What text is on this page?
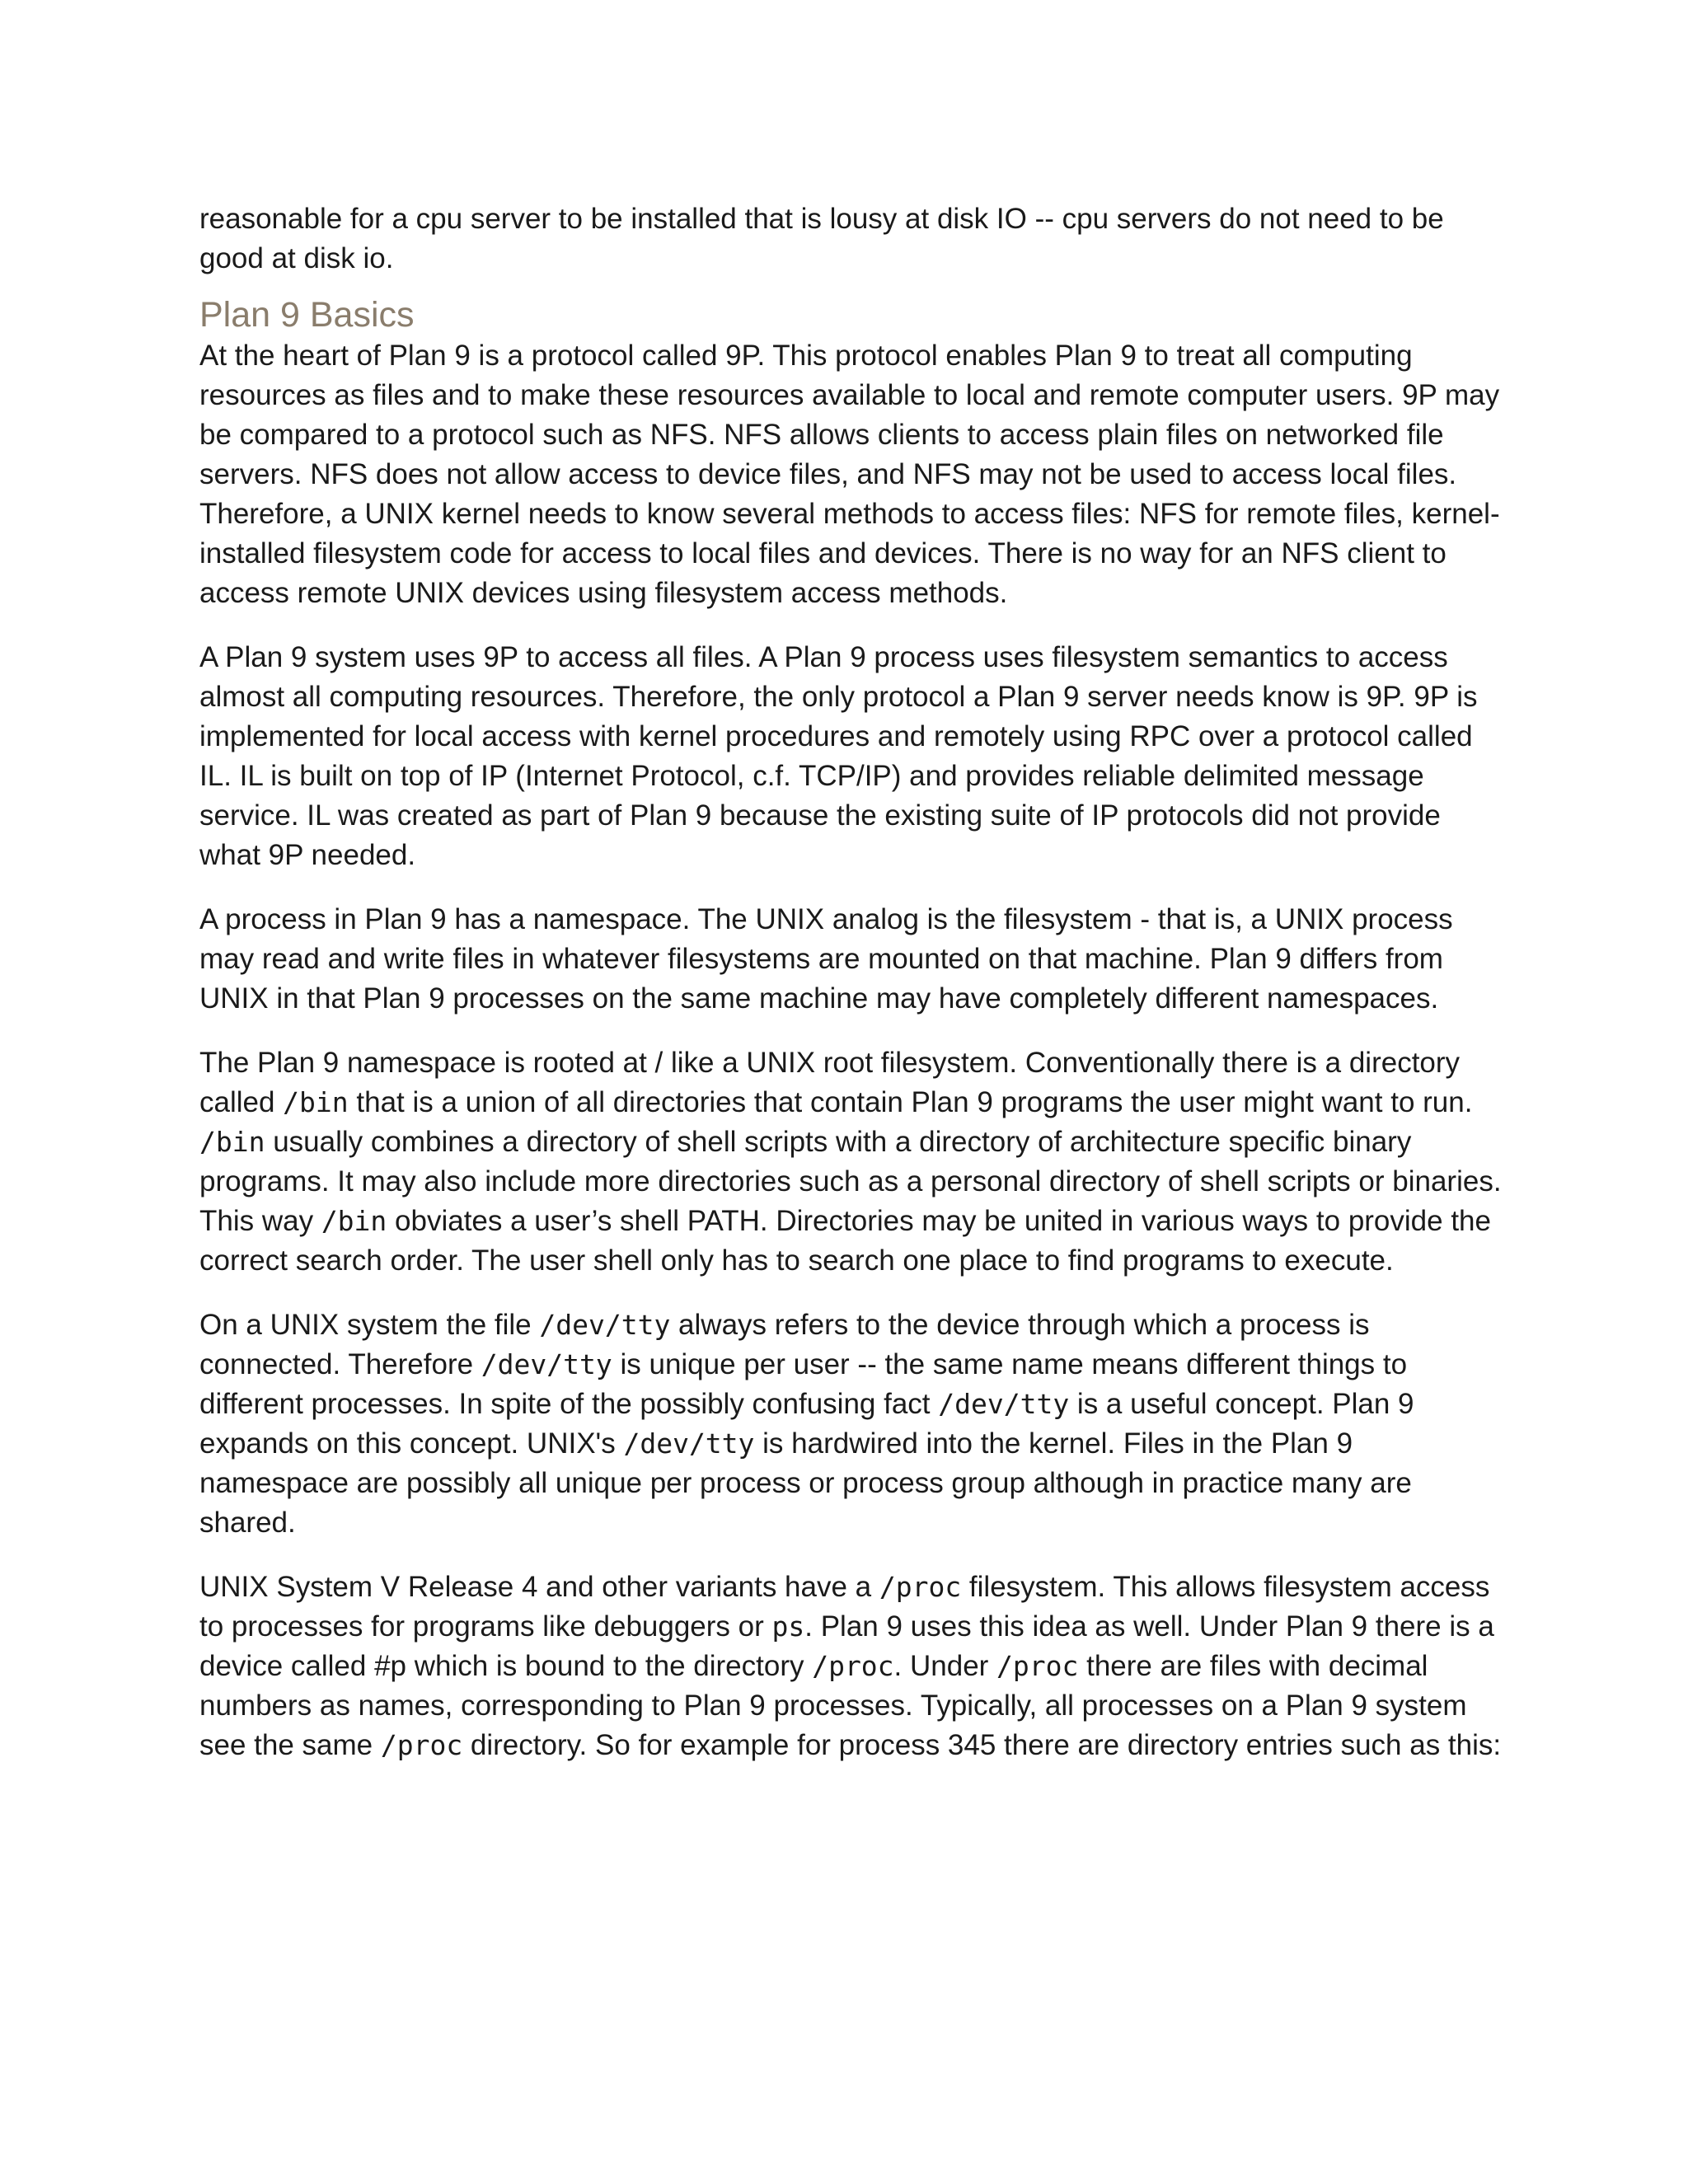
reasonable for a cpu server to be installed that is lousy at disk IO -- cpu servers do not need to be good at disk io.

Plan 9 Basics

At the heart of Plan 9 is a protocol called 9P. This protocol enables Plan 9 to treat all computing resources as files and to make these resources available to local and remote computer users. 9P may be compared to a protocol such as NFS. NFS allows clients to access plain files on networked file servers. NFS does not allow access to device files, and NFS may not be used to access local files. Therefore, a UNIX kernel needs to know several methods to access files: NFS for remote files, kernel-installed filesystem code for access to local files and devices. There is no way for an NFS client to access remote UNIX devices using filesystem access methods.

A Plan 9 system uses 9P to access all files. A Plan 9 process uses filesystem semantics to access almost all computing resources. Therefore, the only protocol a Plan 9 server needs know is 9P. 9P is implemented for local access with kernel procedures and remotely using RPC over a protocol called IL. IL is built on top of IP (Internet Protocol, c.f. TCP/IP) and provides reliable delimited message service. IL was created as part of Plan 9 because the existing suite of IP protocols did not provide what 9P needed.

A process in Plan 9 has a namespace. The UNIX analog is the filesystem - that is, a UNIX process may read and write files in whatever filesystems are mounted on that machine. Plan 9 differs from UNIX in that Plan 9 processes on the same machine may have completely different namespaces.

The Plan 9 namespace is rooted at / like a UNIX root filesystem. Conventionally there is a directory called /bin that is a union of all directories that contain Plan 9 programs the user might want to run. /bin usually combines a directory of shell scripts with a directory of architecture specific binary programs. It may also include more directories such as a personal directory of shell scripts or binaries. This way /bin obviates a user’s shell PATH. Directories may be united in various ways to provide the correct search order. The user shell only has to search one place to find programs to execute.

On a UNIX system the file /dev/tty always refers to the device through which a process is connected. Therefore /dev/tty is unique per user -- the same name means different things to different processes. In spite of the possibly confusing fact /dev/tty is a useful concept. Plan 9 expands on this concept. UNIX's /dev/tty is hardwired into the kernel. Files in the Plan 9 namespace are possibly all unique per process or process group although in practice many are shared.

UNIX System V Release 4 and other variants have a /proc filesystem. This allows filesystem access to processes for programs like debuggers or ps. Plan 9 uses this idea as well. Under Plan 9 there is a device called #p which is bound to the directory /proc. Under /proc there are files with decimal numbers as names, corresponding to Plan 9 processes. Typically, all processes on a Plan 9 system see the same /proc directory. So for example for process 345 there are directory entries such as this:
